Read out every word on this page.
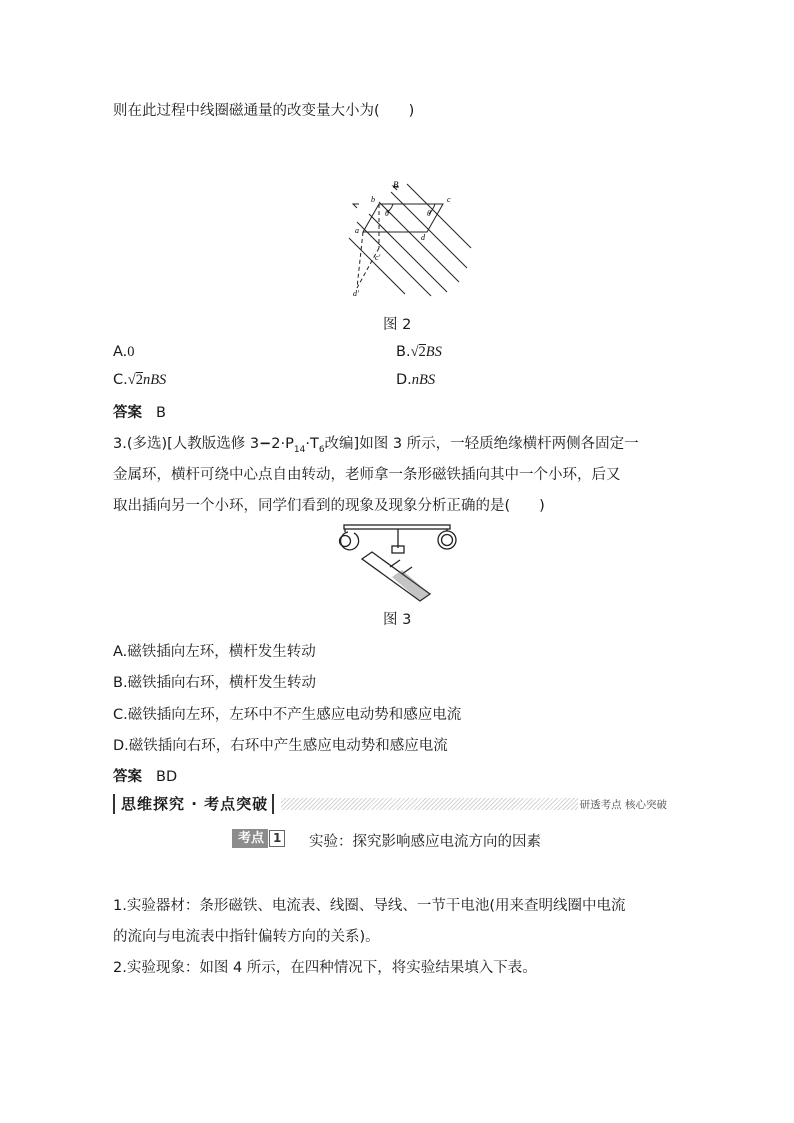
则在此过程中线圈磁通量的改变量大小为(　　)
B
b	c
a
d
θ	θ
c'
d'
图 2
A.0	B.√2BS
C.√2nBS	D.nBS
答案 B
3.(多选)[人教版选修 $3-2\cdot P_{14}\cdot T_6$改编]如图 3 所示，一轻质绝缘横杆两侧各固定一
金属环，横杆可绕中心点自由转动，老师拿一条形磁铁插向其中一个小环，后又
取出插向另一个小环，同学们看到的现象及现象分析正确的是(　　)
图 3
A.磁铁插向左环，横杆发生转动
B.磁铁插向右环，横杆发生转动
C.磁铁插向左环，左环中不产生感应电动势和感应电流
D.磁铁插向右环，右环中产生感应电动势和感应电流
答案 BD
思维探究 · 考点突破	研透考点 核心突破
考点 1 实验：探究影响感应电流方向的因素
1.实验器材：条形磁铁、电流表、线圈、导线、一节干电池(用来查明线圈中电流
的流向与电流表中指针偏转方向的关系)。
2.实验现象：如图 4 所示，在四种情况下，将实验结果填入下表。
